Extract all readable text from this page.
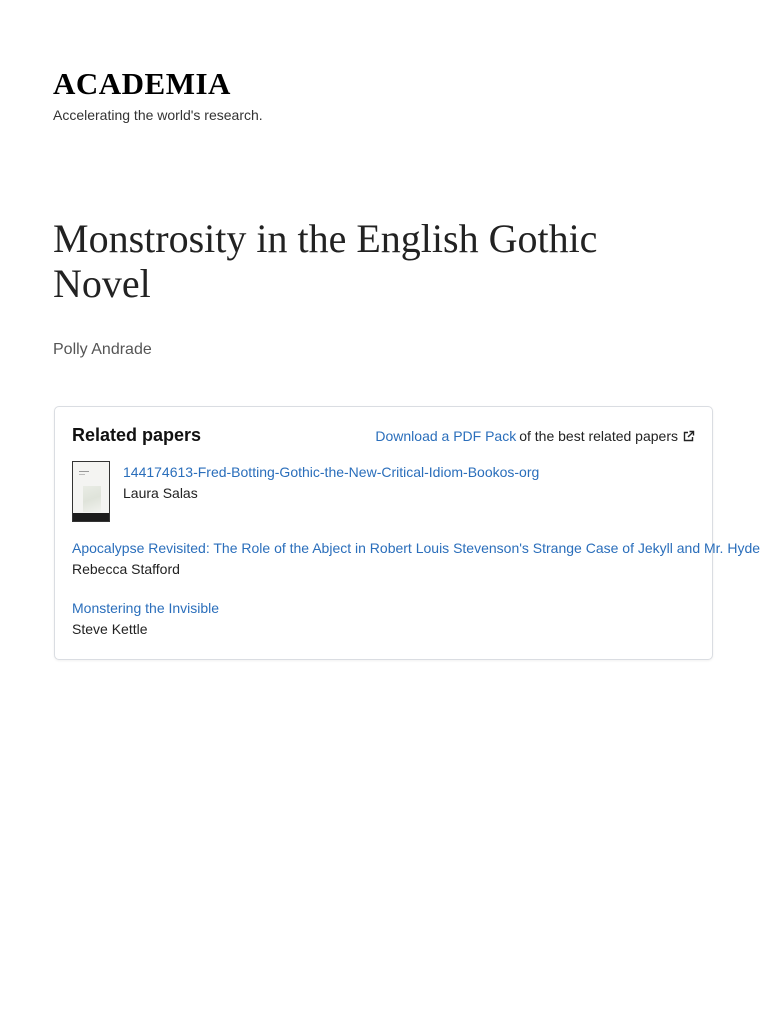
ACADEMIA
Accelerating the world's research.
Monstrosity in the English Gothic Novel
Polly Andrade
Related papers	Download a PDF Pack of the best related papers
144174613-Fred-Botting-Gothic-the-New-Critical-Idiom-Bookos-org
Laura Salas
Apocalypse Revisited: The Role of the Abject in Robert Louis Stevenson's Strange Case of Jekyll and Mr. Hyde
Rebecca Stafford
Monstering the Invisible
Steve Kettle
